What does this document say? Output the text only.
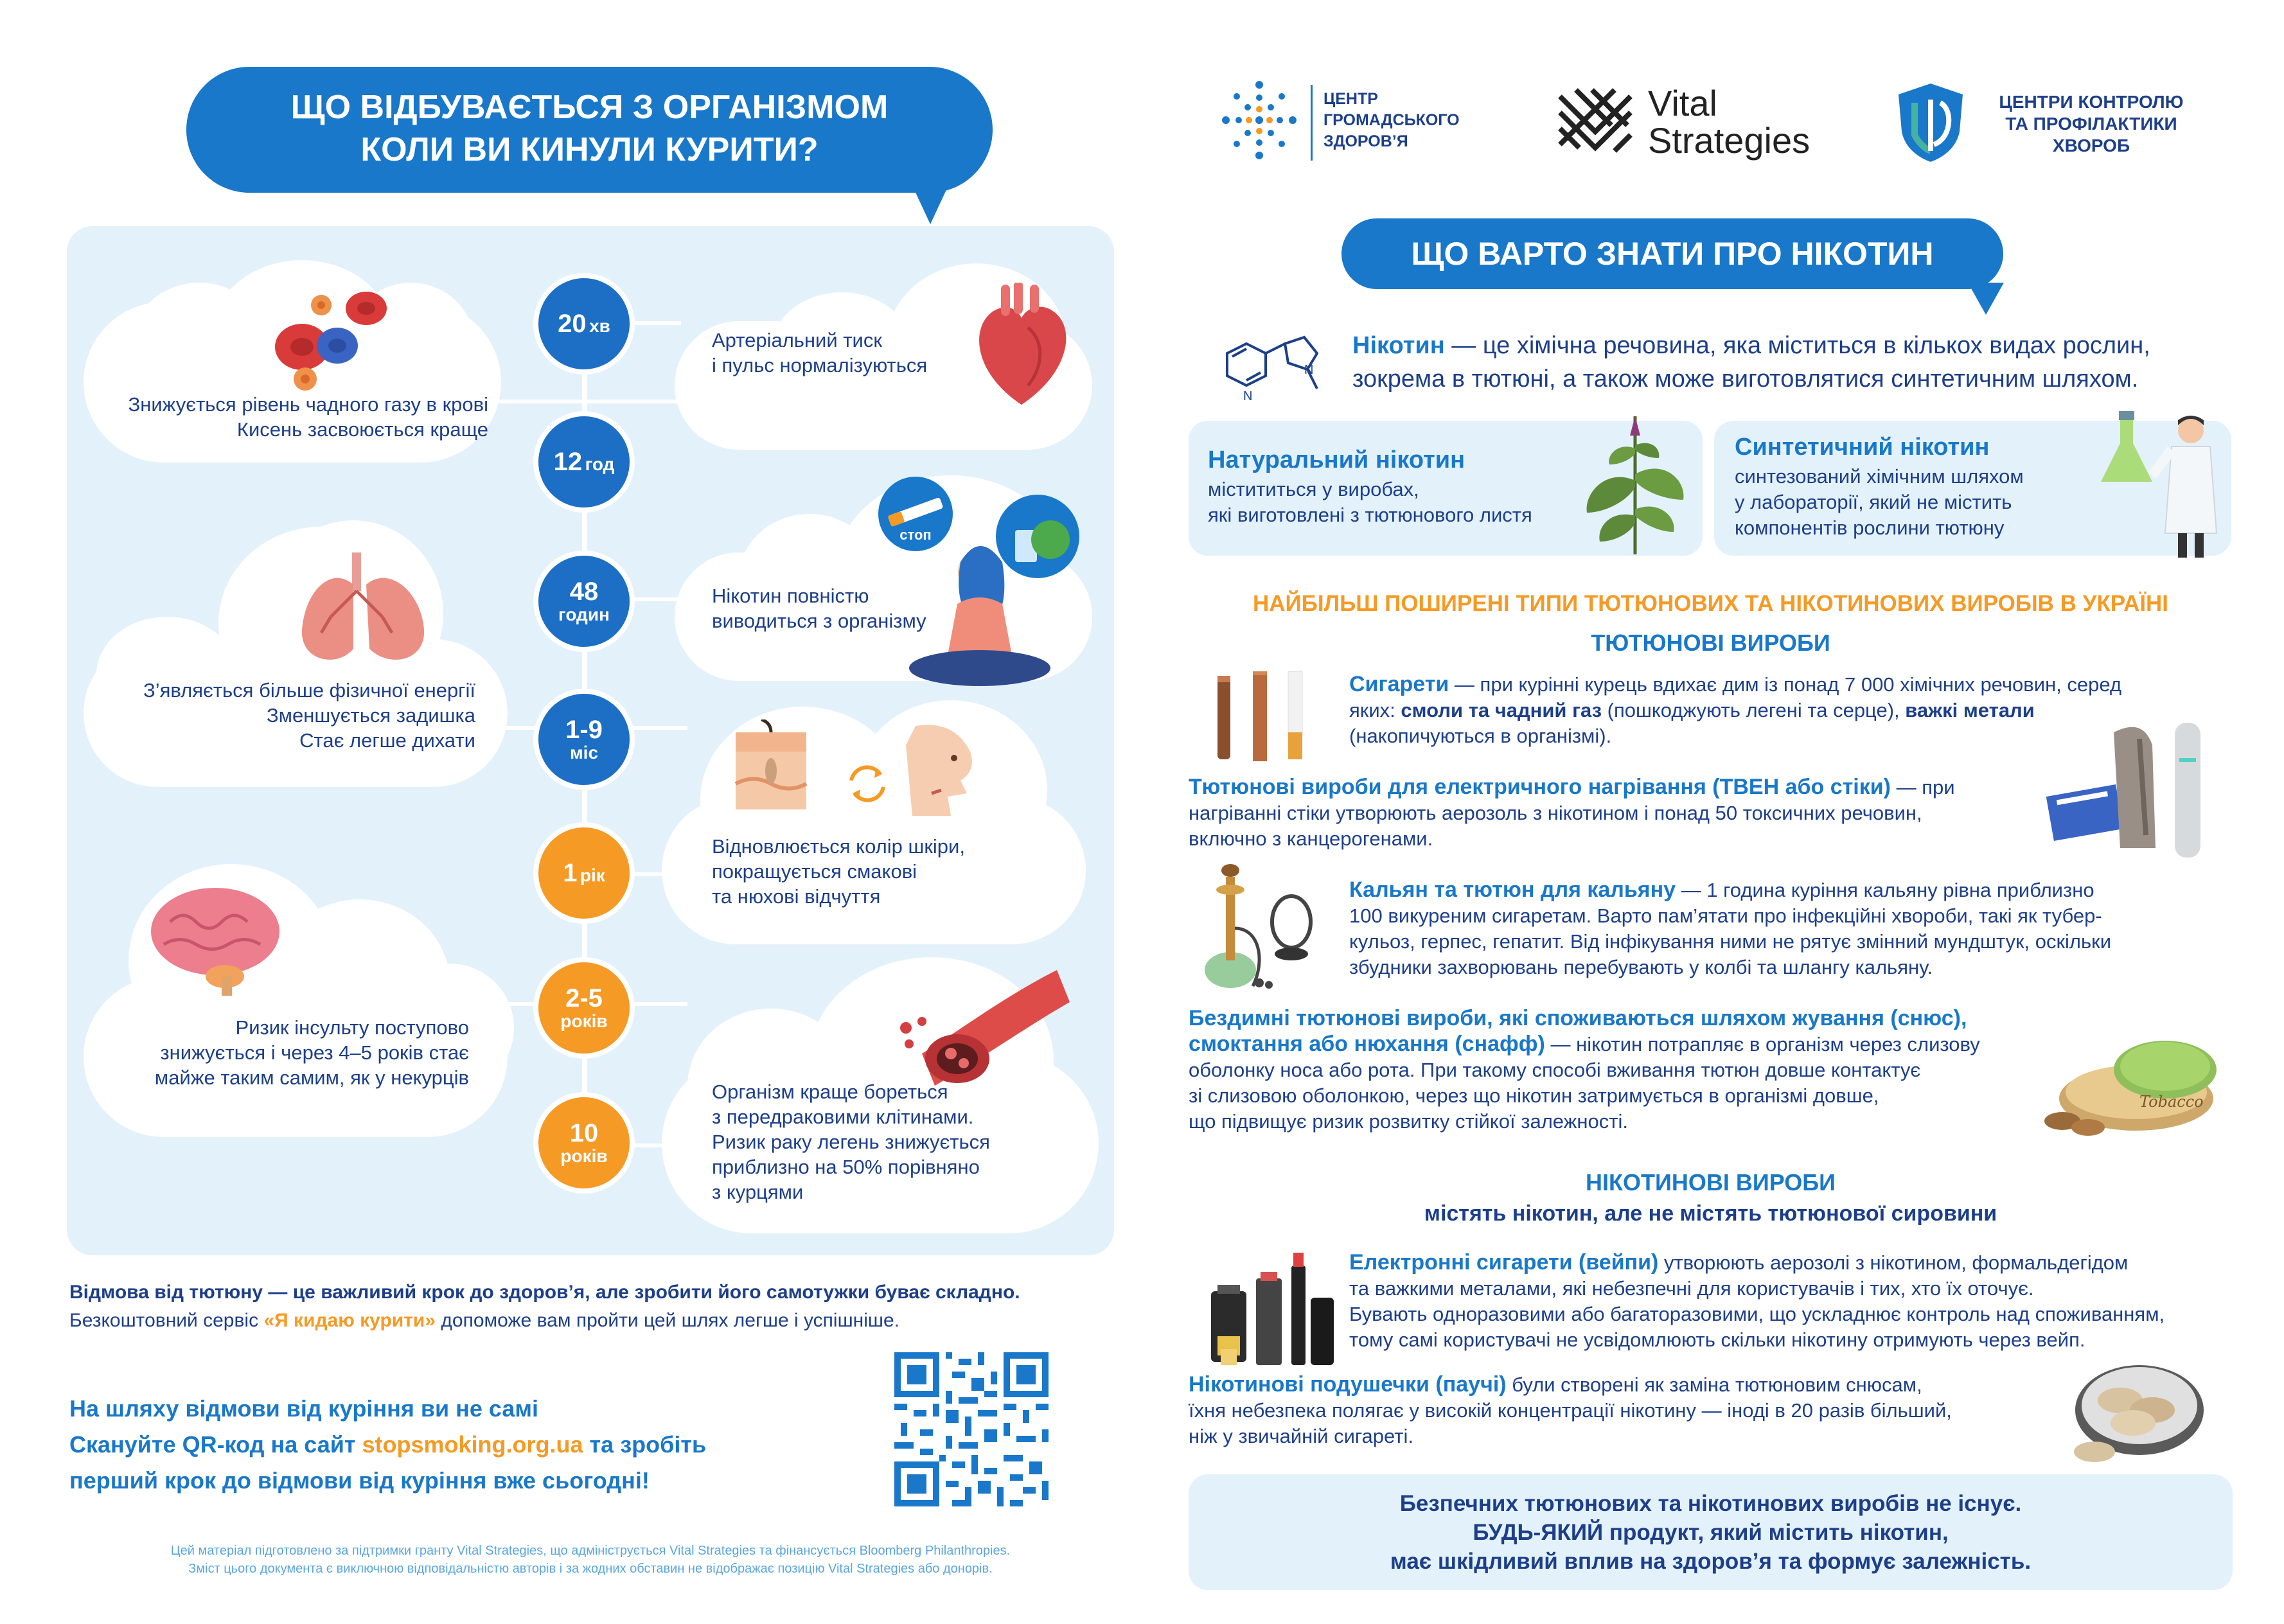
ЩО ВІДБУВАЄТЬСЯ З ОРГАНІЗМОМ
КОЛИ ВИ КИНУЛИ КУРИТИ?
20 хв
12 год
48
годин
1-9
міс
1 рік
2-5
років
10
років
Знижується рівень чадного газу в крові
Кисень засвоюється краще
З’являється більше фізичної енергії
Зменшується задишка
Стає легше дихати
Ризик інсульту поступово
знижується і через 4–5 років стає
майже таким самим, як у некурців
Артеріальний тиск
і пульс нормалізуються
Нікотин повністю
виводиться з організму
стоп
Відновлюється колір шкіри,
покращується смакові
та нюхові відчуття
Організм краще бореться
з передраковими клітинами.
Ризик раку легень знижується
приблизно на 50% порівняно
з курцями
Відмова від тютюну — це важливий крок до здоров’я, але зробити його самотужки буває складно.
Безкоштовний сервіс «Я кидаю курити» допоможе вам пройти цей шлях легше і успішніше.
На шляху відмови від куріння ви не самі
Скануйте QR-код на сайт stopsmoking.org.ua та зробіть
перший крок до відмови від куріння вже сьогодні!
Цей матеріал підготовлено за підтримки гранту Vital Strategies, що адмініструється Vital Strategies та фінансується Bloomberg Philanthropies.
Зміст цього документа є виключною відповідальністю авторів і за жодних обставин не відображає позицію Vital Strategies або донорів.
ЦЕНТР
ГРОМАДСЬКОГО
ЗДОРОВ’Я
Vital
Strategies
ЦЕНТРИ КОНТРОЛЮ
ТА ПРОФІЛАКТИКИ
ХВОРОБ
ЩО ВАРТО ЗНАТИ ПРО НІКОТИН
N
N
Нікотин — це хімічна речовина, яка міститься в кількох видах рослин,
зокрема в тютюні, а також може виготовлятися синтетичним шляхом.
Натуральний нікотин
містититься у виробах,
які виготовлені з тютюнового листя
Синтетичний нікотин
синтезований хімічним шляхом
у лабораторії, який не містить
компонентів рослини тютюну
НАЙБІЛЬШ ПОШИРЕНІ ТИПИ ТЮТЮНОВИХ ТА НІКОТИНОВИХ ВИРОБІВ В УКРАЇНІ
ТЮТЮНОВІ ВИРОБИ
Сигарети — при курінні курець вдихає дим із понад 7 000 хімічних речовин, серед
яких: смоли та чадний газ (пошкоджують легені та серце), важкі метали
(накопичуються в організмі).
Тютюнові вироби для електричного нагрівання (ТВЕН або стіки) — при
нагріванні стіки утворюють аерозоль з нікотином і понад 50 токсичних речовин,
включно з канцерогенами.
Кальян та тютюн для кальяну — 1 година куріння кальяну рівна приблизно
100 викуреним сигаретам. Варто пам’ятати про інфекційні хвороби, такі як тубер-
кульоз, герпес, гепатит. Від інфікування ними не рятує змінний мундштук, оскільки
збудники захворювань перебувають у колбі та шлангу кальяну.
Бездимні тютюнові вироби, які споживаються шляхом жування (снюс),
смоктання або нюхання (снафф) — нікотин потрапляє в організм через слизову
оболонку носа або рота. При такому способі вживання тютюн довше контактує
зі слизовою оболонкою, через що нікотин затримується в організмі довше,
що підвищує ризик розвитку стійкої залежності.
Tobacco
НІКОТИНОВІ ВИРОБИ
містять нікотин, але не містять тютюнової сировини
Електронні сигарети (вейпи) утворюють аерозолі з нікотином, формальдегідом
та важкими металами, які небезпечні для користувачів і тих, хто їх оточує.
Бувають одноразовими або багаторазовими, що ускладнює контроль над споживанням,
тому самі користувачі не усвідомлюють скільки нікотину отримують через вейп.
Нікотинові подушечки (паучі) були створені як заміна тютюновим снюсам,
їхня небезпека полягає у високій концентрації нікотину — іноді в 20 разів більший,
ніж у звичайній сигареті.
Безпечних тютюнових та нікотинових виробів не існує.
БУДЬ-ЯКИЙ продукт, який містить нікотин,
має шкідливий вплив на здоров’я та формує залежність.
